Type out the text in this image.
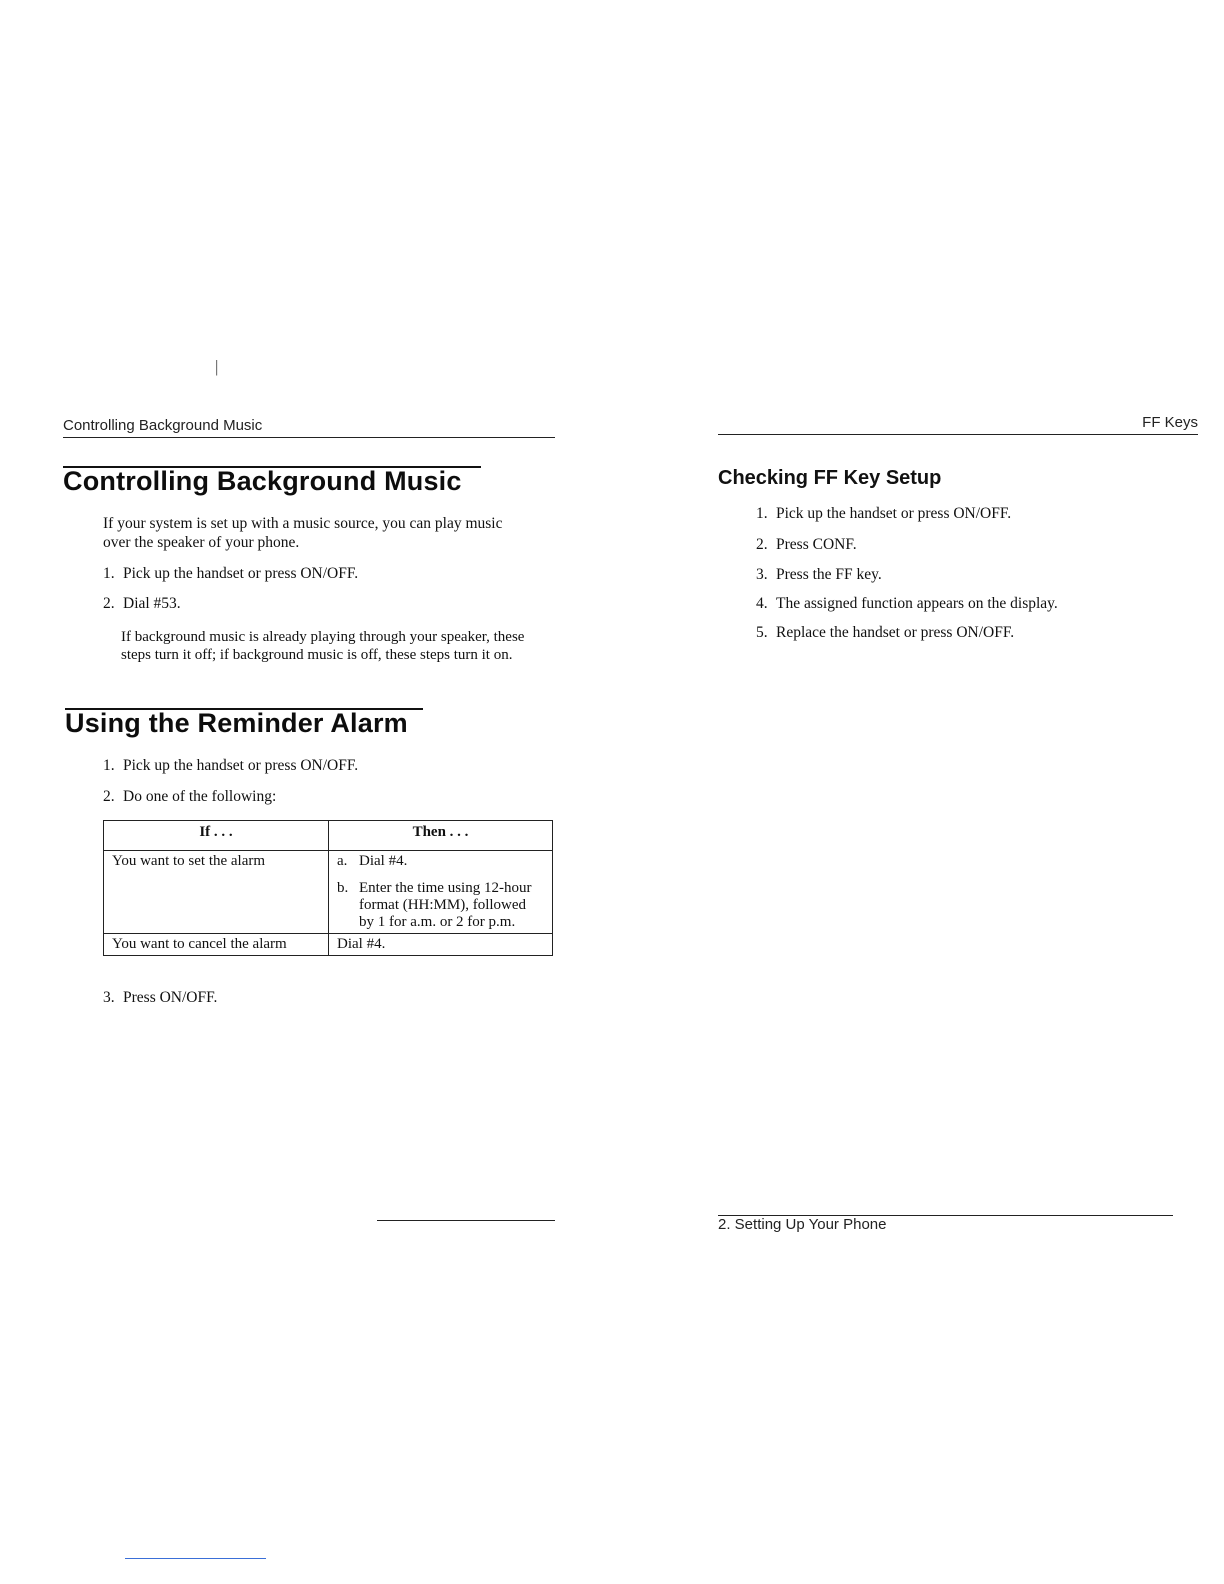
|
Controlling Background Music
Controlling Background Music
If your system is set up with a music source, you can play music over the speaker of your phone.
1. Pick up the handset or press ON/OFF.
2. Dial #53.
If background music is already playing through your speaker, these steps turn it off; if background music is off, these steps turn it on.
Using the Reminder Alarm
1. Pick up the handset or press ON/OFF.
2. Do one of the following:
If . . .	Then . . .
You want to set the alarm	a. Dial #4.
b. Enter the time using 12-hour format (HH:MM), followed by 1 for a.m. or 2 for p.m.

You want to cancel the alarm	Dial #4.
3. Press ON/OFF.
FF Keys
Checking FF Key Setup
1. Pick up the handset or press ON/OFF.
2. Press CONF.
3. Press the FF key.
4. The assigned function appears on the display.
5. Replace the handset or press ON/OFF.
2. Setting Up Your Phone
